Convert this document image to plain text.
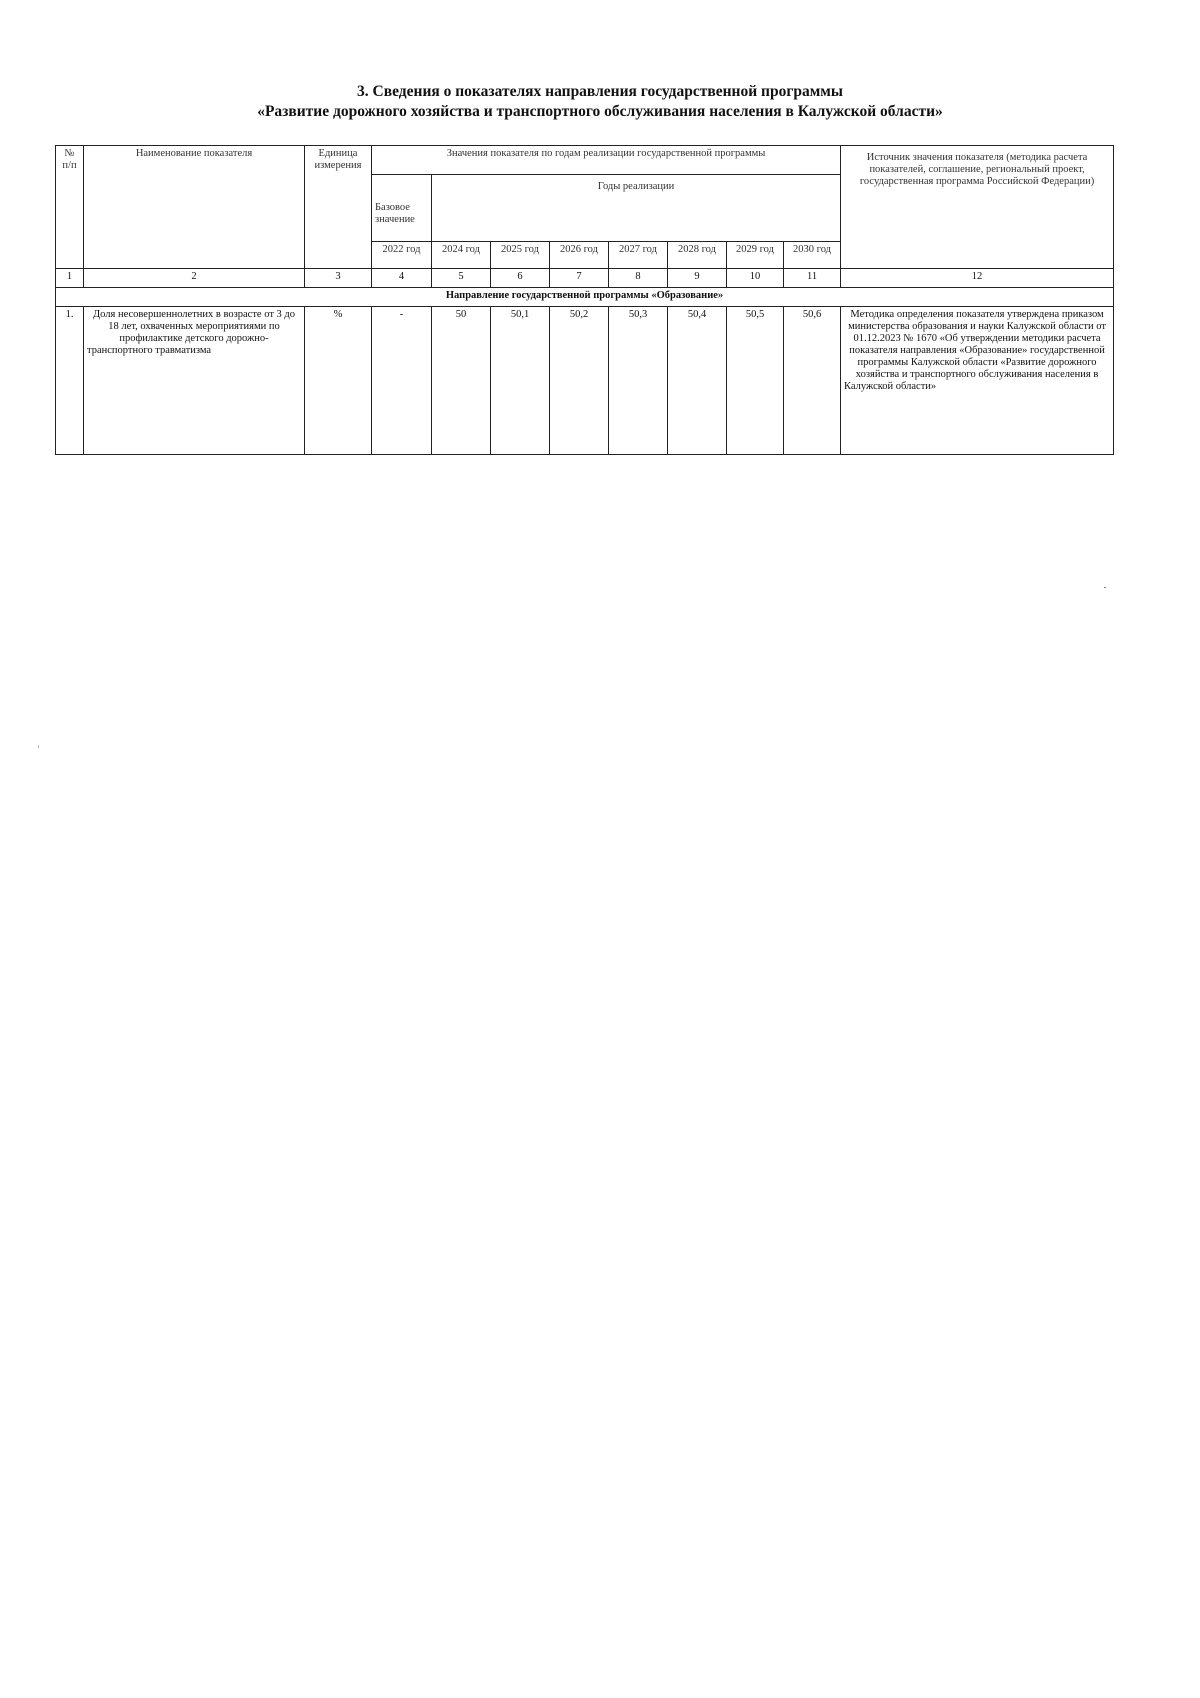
3. Сведения о показателях направления государственной программы
«Развитие дорожного хозяйства и транспортного обслуживания населения в Калужской области»
№ п/п	Наименование показателя	Единица измерения	Значения показателя по годам реализации государственной программы								Источник значения показателя (методика расчета показателей, соглашение, региональный проект, государственная программа Российской Федерации)
			Базовое значение	Годы реализации							
			2022 год	2024 год	2025 год	2026 год	2027 год	2028 год	2029 год	2030 год	
1	2	3	4	5	6	7	8	9	10	11	12
Направление государственной программы «Образование»											
1.	Доля несовершеннолетних в возрасте от 3 до 18 лет, охваченных мероприятиями по профилактике детского дорожно-транспортного травматизма	%	-	50	50,1	50,2	50,3	50,4	50,5	50,6	Методика определения показателя утверждена приказом министерства образования и науки Калужской области от 01.12.2023 № 1670 «Об утверждении методики расчета показателя направления «Образование» государственной программы Калужской области «Развитие дорожного хозяйства и транспортного обслуживания населения в Калужской области»
